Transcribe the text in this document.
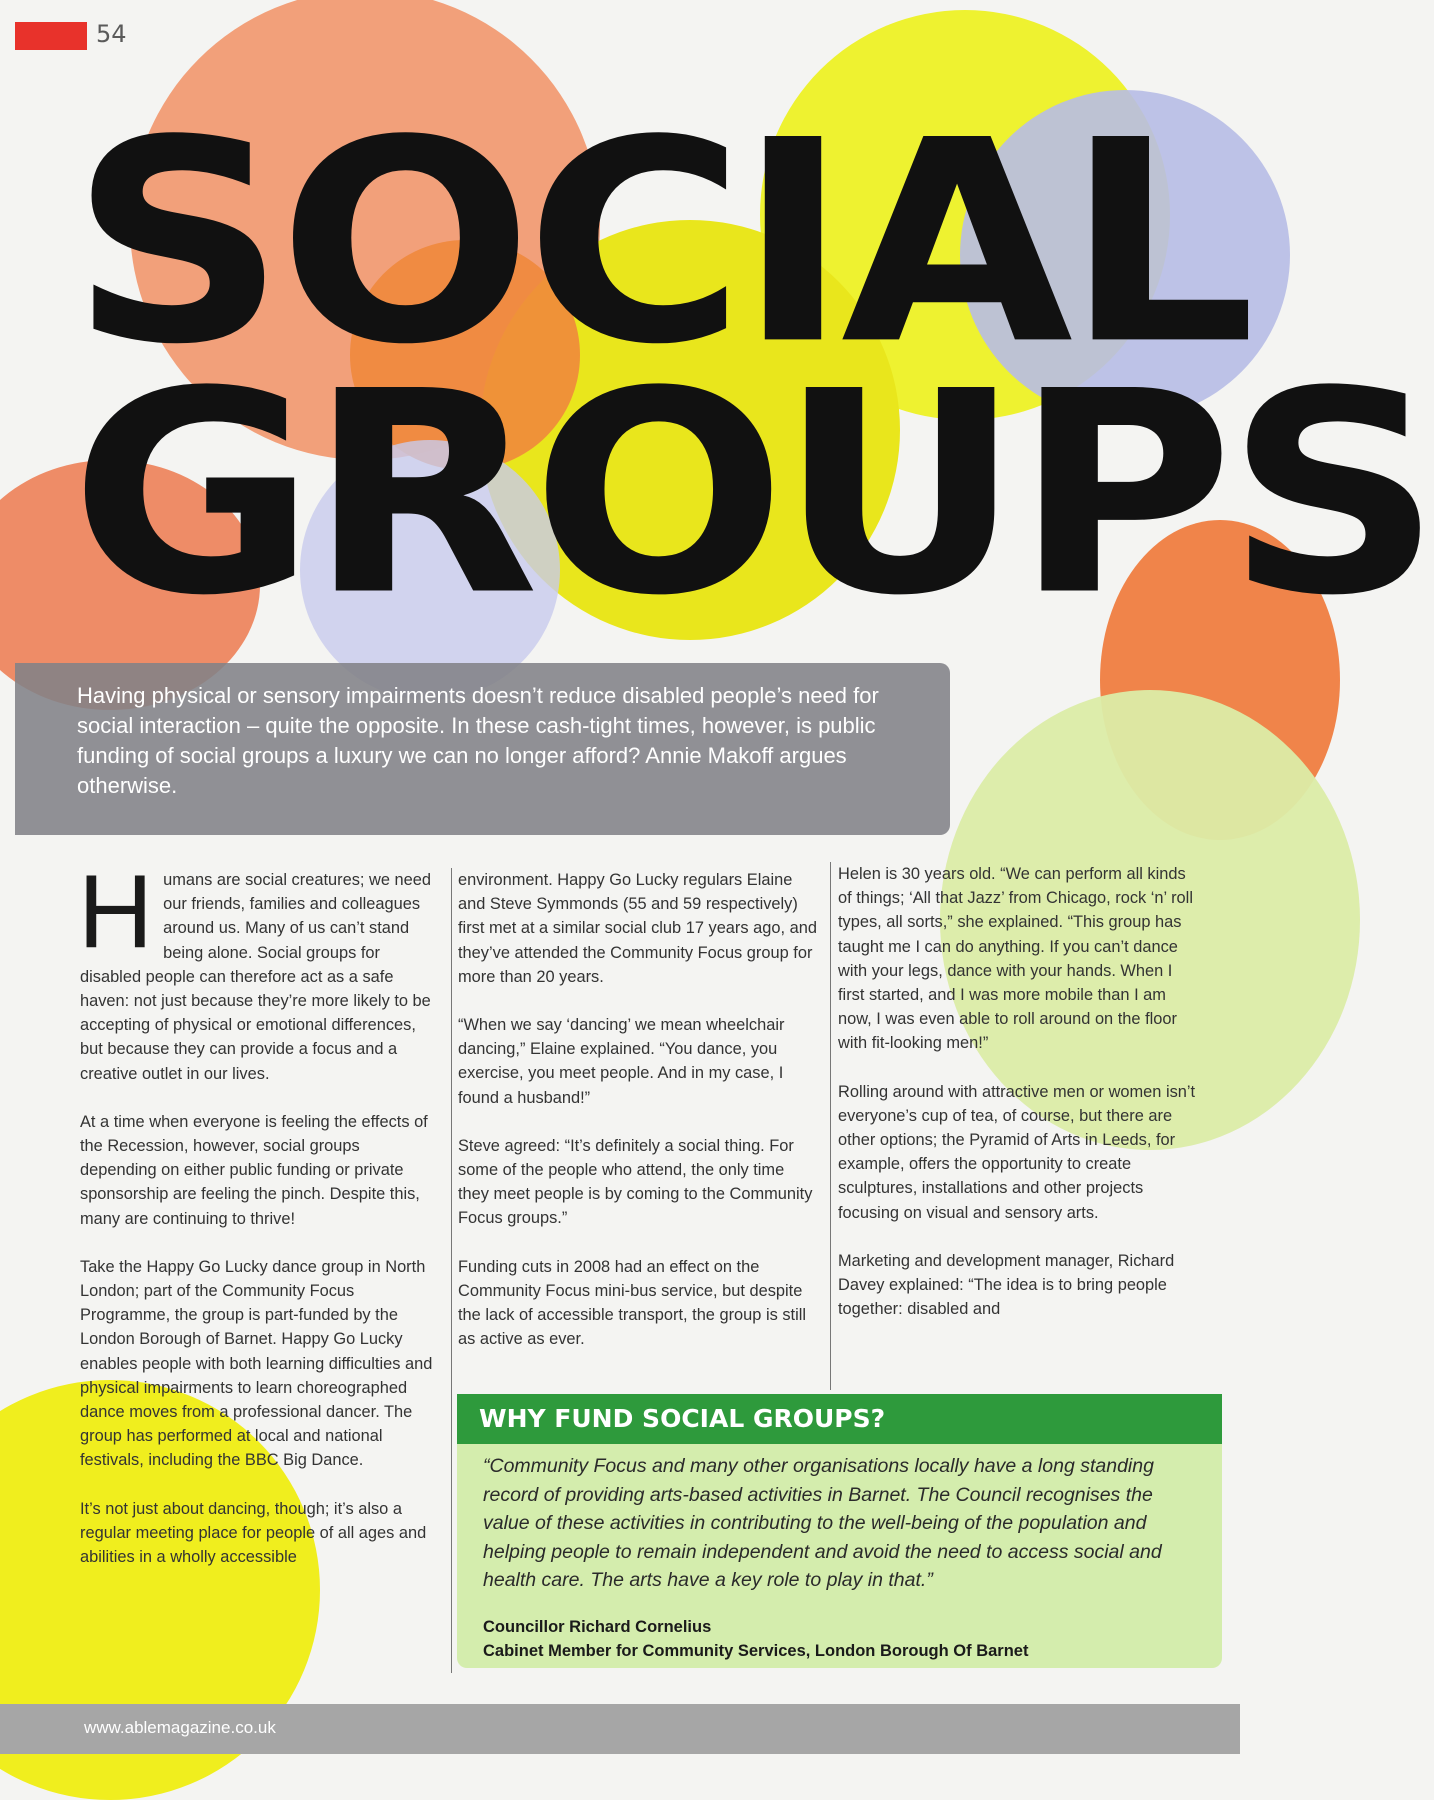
54
SOCIAL
GROUPS

Having physical or sensory impairments doesn’t reduce disabled people’s need for social interaction – quite the opposite. In these cash-tight times, however, is public funding of social groups a luxury we can no longer afford? Annie Makoff argues otherwise.

Humans are social creatures; we need our friends, families and colleagues around us. Many of us can’t stand being alone. Social groups for disabled people can therefore act as a safe haven: not just because they’re more likely to be accepting of physical or emotional differences, but because they can provide a focus and a creative outlet in our lives.

At a time when everyone is feeling the effects of the Recession, however, social groups depending on either public funding or private sponsorship are feeling the pinch. Despite this, many are continuing to thrive!

Take the Happy Go Lucky dance group in North London; part of the Community Focus Programme, the group is part-funded by the London Borough of Barnet. Happy Go Lucky enables people with both learning difficulties and physical impairments to learn choreographed dance moves from a professional dancer. The group has performed at local and national festivals, including the BBC Big Dance.

It’s not just about dancing, though; it’s also a regular meeting place for people of all ages and abilities in a wholly accessible

environment. Happy Go Lucky regulars Elaine and Steve Symmonds (55 and 59 respectively) first met at a similar social club 17 years ago, and they’ve attended the Community Focus group for more than 20 years.

“When we say ‘dancing’ we mean wheelchair dancing,” Elaine explained. “You dance, you exercise, you meet people. And in my case, I found a husband!”

Steve agreed: “It’s definitely a social thing. For some of the people who attend, the only time they meet people is by coming to the Community Focus groups.”

Funding cuts in 2008 had an effect on the Community Focus mini-bus service, but despite the lack of accessible transport, the group is still as active as ever.

Helen is 30 years old. “We can perform all kinds of things; ‘All that Jazz’ from Chicago, rock ‘n’ roll types, all sorts,” she explained. “This group has taught me I can do anything. If you can’t dance with your legs, dance with your hands. When I first started, and I was more mobile than I am now, I was even able to roll around on the floor with fit-looking men!”

Rolling around with attractive men or women isn’t everyone’s cup of tea, of course, but there are other options; the Pyramid of Arts in Leeds, for example, offers the opportunity to create sculptures, installations and other projects focusing on visual and sensory arts.

Marketing and development manager, Richard Davey explained: “The idea is to bring people together: disabled and

WHY FUND SOCIAL GROUPS?
“Community Focus and many other organisations locally have a long standing record of providing arts-based activities in Barnet. The Council recognises the value of these activities in contributing to the well-being of the population and helping people to remain independent and avoid the need to access social and health care. The arts have a key role to play in that.”
Councillor Richard Cornelius
Cabinet Member for Community Services, London Borough Of Barnet
www.ablemagazine.co.uk
